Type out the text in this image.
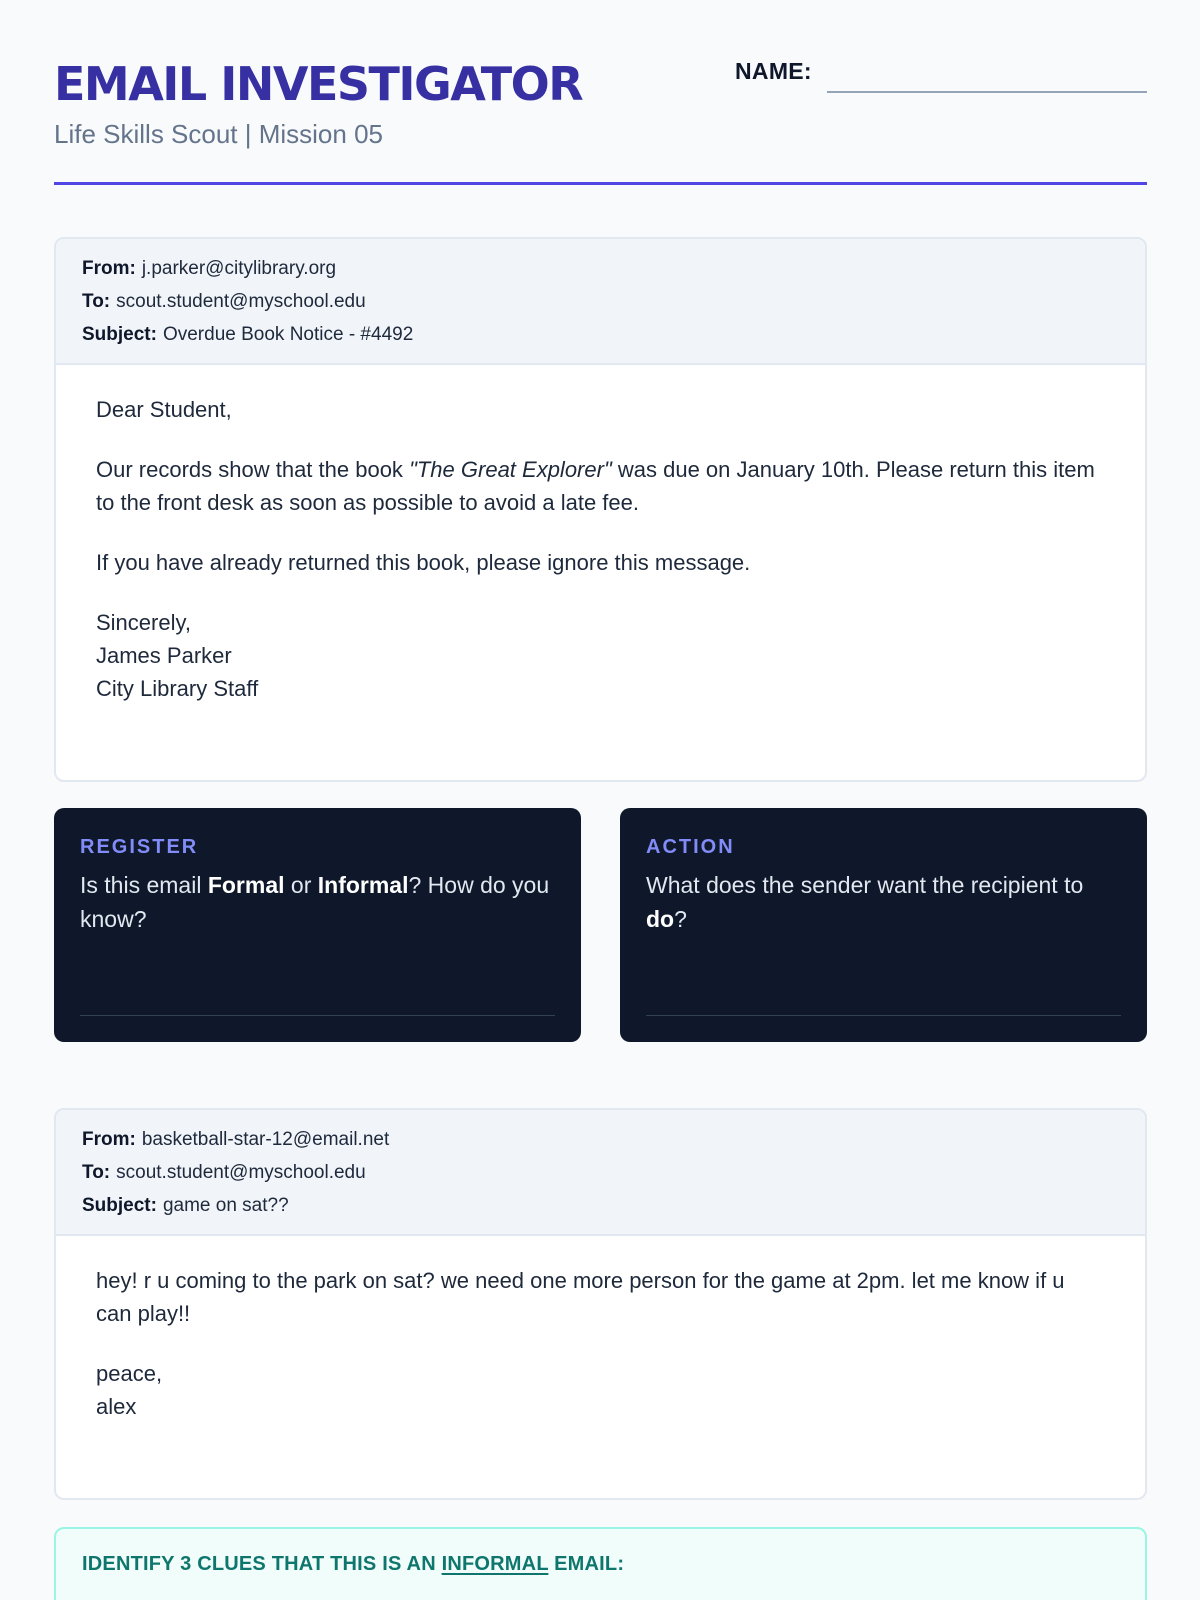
EMAIL INVESTIGATOR
Life Skills Scout | Mission 05
NAME:
From: j.parker@citylibrary.org
To: scout.student@myschool.edu
Subject: Overdue Book Notice - #4492

Dear Student,

Our records show that the book "The Great Explorer" was due on January 10th. Please return this item to the front desk as soon as possible to avoid a late fee.

If you have already returned this book, please ignore this message.

Sincerely,
James Parker
City Library Staff

REGISTER
Is this email Formal or Informal? How do you know?
ACTION
What does the sender want the recipient to do?
From: basketball-star-12@email.net
To: scout.student@myschool.edu
Subject: game on sat??

hey! r u coming to the park on sat? we need one more person for the game at 2pm. let me know if u can play!!

peace,
alex

IDENTIFY 3 CLUES THAT THIS IS AN INFORMAL EMAIL:
